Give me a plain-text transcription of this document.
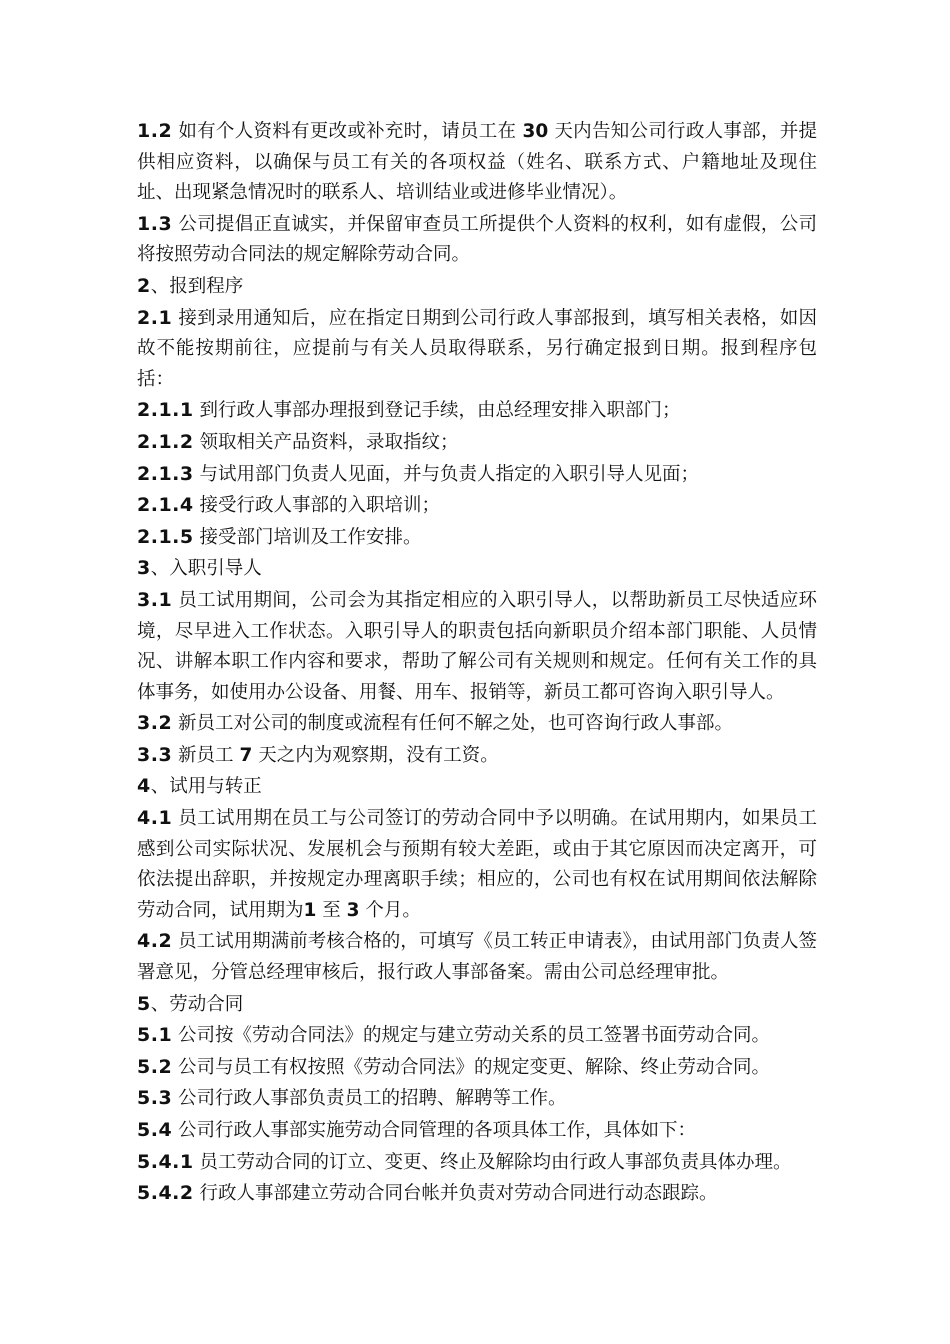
1.2 如有个人资料有更改或补充时，请员工在 30 天内告知公司行政人事部，并提供相应资料，以确保与员工有关的各项权益（姓名、联系方式、户籍地址及现住址、出现紧急情况时的联系人、培训结业或进修毕业情况）。

1.3 公司提倡正直诚实，并保留审查员工所提供个人资料的权利，如有虚假，公司将按照劳动合同法的规定解除劳动合同。

2、报到程序

2.1 接到录用通知后，应在指定日期到公司行政人事部报到，填写相关表格，如因故不能按期前往，应提前与有关人员取得联系，另行确定报到日期。报到程序包括：

2.1.1 到行政人事部办理报到登记手续，由总经理安排入职部门；

2.1.2 领取相关产品资料，录取指纹；

2.1.3 与试用部门负责人见面，并与负责人指定的入职引导人见面；

2.1.4 接受行政人事部的入职培训；

2.1.5 接受部门培训及工作安排。

3、入职引导人

3.1 员工试用期间，公司会为其指定相应的入职引导人，以帮助新员工尽快适应环境，尽早进入工作状态。入职引导人的职责包括向新职员介绍本部门职能、人员情况、讲解本职工作内容和要求，帮助了解公司有关规则和规定。任何有关工作的具体事务，如使用办公设备、用餐、用车、报销等，新员工都可咨询入职引导人。

3.2 新员工对公司的制度或流程有任何不解之处，也可咨询行政人事部。

3.3 新员工 7 天之内为观察期，没有工资。

4、试用与转正

4.1 员工试用期在员工与公司签订的劳动合同中予以明确。在试用期内，如果员工感到公司实际状况、发展机会与预期有较大差距，或由于其它原因而决定离开，可依法提出辞职，并按规定办理离职手续；相应的，公司也有权在试用期间依法解除劳动合同，试用期为1 至 3 个月。

4.2 员工试用期满前考核合格的，可填写《员工转正申请表》，由试用部门负责人签署意见，分管总经理审核后，报行政人事部备案。需由公司总经理审批。

5、劳动合同

5.1 公司按《劳动合同法》的规定与建立劳动关系的员工签署书面劳动合同。

5.2 公司与员工有权按照《劳动合同法》的规定变更、解除、终止劳动合同。

5.3 公司行政人事部负责员工的招聘、解聘等工作。

5.4 公司行政人事部实施劳动合同管理的各项具体工作，具体如下：

5.4.1 员工劳动合同的订立、变更、终止及解除均由行政人事部负责具体办理。

5.4.2 行政人事部建立劳动合同台帐并负责对劳动合同进行动态跟踪。
